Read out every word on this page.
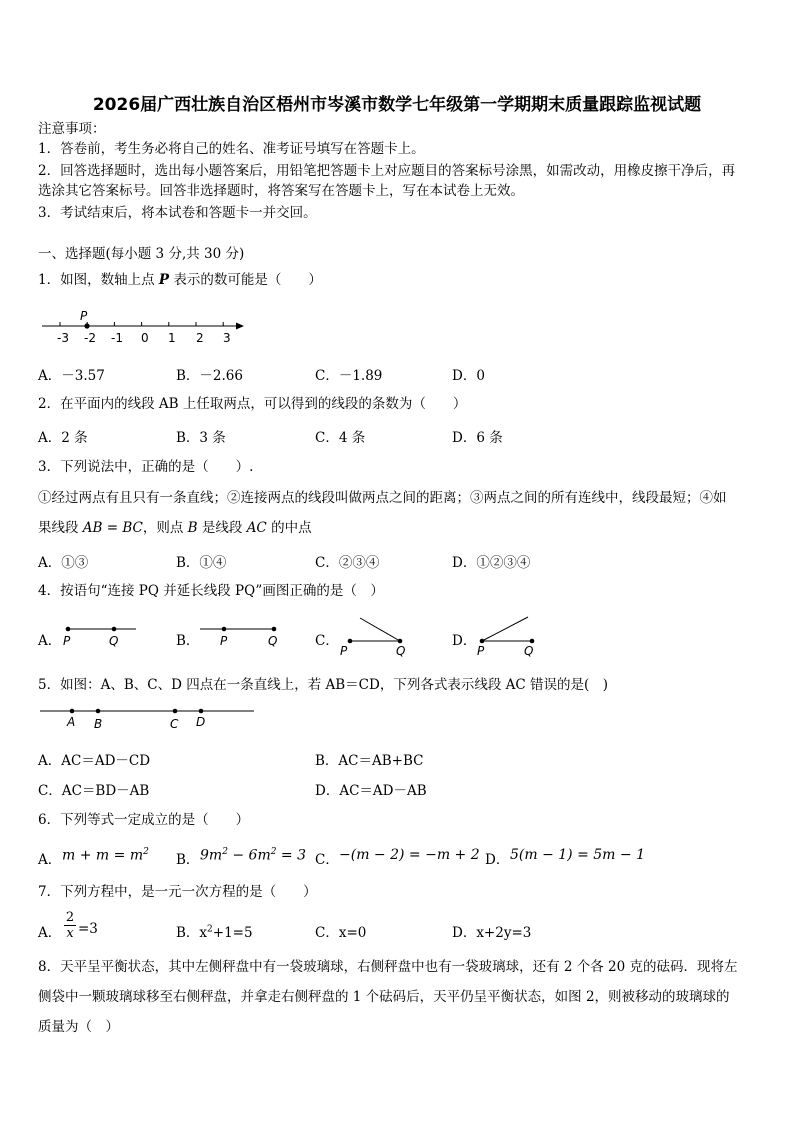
2026届广西壮族自治区梧州市岑溪市数学七年级第一学期期末质量跟踪监视试题
注意事项：
1．答卷前，考生务必将自己的姓名、准考证号填写在答题卡上。
2．回答选择题时，选出每小题答案后，用铅笔把答题卡上对应题目的答案标号涂黑，如需改动，用橡皮擦干净后，再
选涂其它答案标号。回答非选择题时，将答案写在答题卡上，写在本试卷上无效。
3．考试结束后，将本试卷和答题卡一并交回。
一、选择题(每小题 3 分,共 30 分)
1．如图，数轴上点 P 表示的数可能是（　　）
P
-3 -2 -1 0 1 2 3
A．－3.57	B．－2.66	C．－1.89	D．0
2．在平面内的线段 AB 上任取两点，可以得到的线段的条数为（　　）
A．2 条	B．3 条	C．4 条	D．6 条
3．下列说法中，正确的是（　　）.
①经过两点有且只有一条直线；②连接两点的线段叫做两点之间的距离；③两点之间的所有连线中，线段最短；④如
果线段 AB = BC，则点 B 是线段 AC 的中点
A．①③	B．①④	C．②③④	D．①②③④
4．按语句“连接 PQ 并延长线段 PQ”画图正确的是（　）
A． P	Q	B． P	Q	C．
P	Q
D．
P	Q
5．如图：A、B、C、D 四点在一条直线上，若 AB＝CD，下列各式表示线段 AC 错误的是(　)
A B	C D
A．AC＝AD－CD	B．AC＝AB+BC
C．AC＝BD－AB	D．AC＝AD－AB
6．下列等式一定成立的是（　　）
A． $m + m = m^2$ B． $9m^2 - 6m^2 = 3$ C． −(m − 2) = −m + 2 D． 5(m − 1) = 5m − 1
7．下列方程中，是一元一次方程的是（　　）
A． $\frac{2}{x} =3$	B．$x^2+1=5$	C．x=0	D．x+2y=3
8．天平呈平衡状态，其中左侧秤盘中有一袋玻璃球，右侧秤盘中也有一袋玻璃球，还有 2 个各 20 克的砝码．现将左
侧袋中一颗玻璃球移至右侧秤盘，并拿走右侧秤盘的 1 个砝码后，天平仍呈平衡状态，如图 2，则被移动的玻璃球的
质量为（　）
